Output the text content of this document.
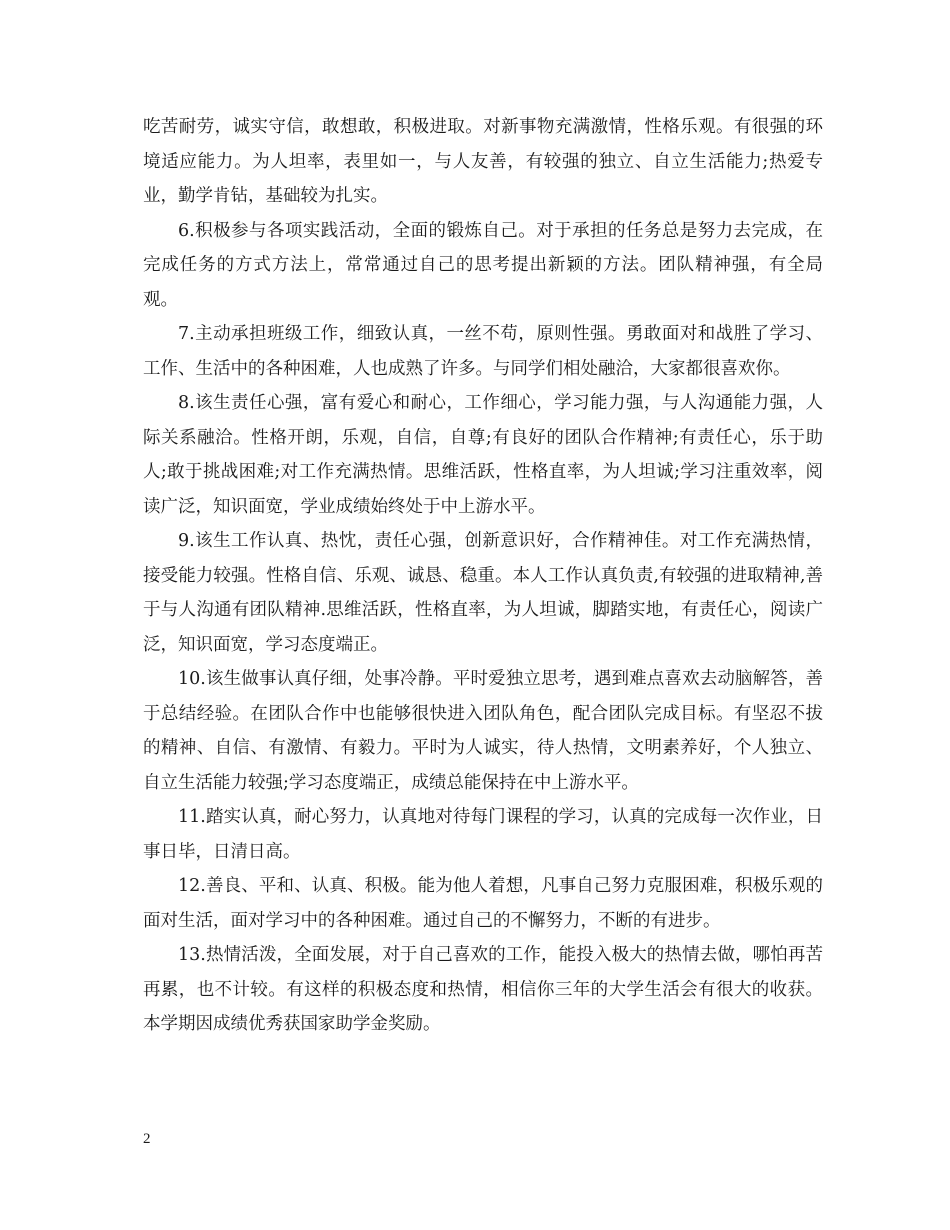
吃苦耐劳，诚实守信，敢想敢，积极进取。对新事物充满激情，性格乐观。有很强的环境适应能力。为人坦率，表里如一，与人友善，有较强的独立、自立生活能力;热爱专业，勤学肯钻，基础较为扎实。

6.积极参与各项实践活动，全面的锻炼自己。对于承担的任务总是努力去完成，在完成任务的方式方法上，常常通过自己的思考提出新颖的方法。团队精神强，有全局观。

7.主动承担班级工作，细致认真，一丝不苟，原则性强。勇敢面对和战胜了学习、工作、生活中的各种困难，人也成熟了许多。与同学们相处融洽，大家都很喜欢你。

8.该生责任心强，富有爱心和耐心，工作细心，学习能力强，与人沟通能力强，人际关系融洽。性格开朗，乐观，自信，自尊;有良好的团队合作精神;有责任心，乐于助人;敢于挑战困难;对工作充满热情。思维活跃，性格直率，为人坦诚;学习注重效率，阅读广泛，知识面宽，学业成绩始终处于中上游水平。

9.该生工作认真、热忱，责任心强，创新意识好，合作精神佳。对工作充满热情，接受能力较强。性格自信、乐观、诚恳、稳重。本人工作认真负责,有较强的进取精神,善于与人沟通有团队精神.思维活跃，性格直率，为人坦诚，脚踏实地，有责任心，阅读广泛，知识面宽，学习态度端正。

10.该生做事认真仔细，处事冷静。平时爱独立思考，遇到难点喜欢去动脑解答，善于总结经验。在团队合作中也能够很快进入团队角色，配合团队完成目标。有坚忍不拔的精神、自信、有激情、有毅力。平时为人诚实，待人热情，文明素养好，个人独立、自立生活能力较强;学习态度端正，成绩总能保持在中上游水平。

11.踏实认真，耐心努力，认真地对待每门课程的学习，认真的完成每一次作业，日事日毕，日清日高。

12.善良、平和、认真、积极。能为他人着想，凡事自己努力克服困难，积极乐观的面对生活，面对学习中的各种困难。通过自己的不懈努力，不断的有进步。

13.热情活泼，全面发展，对于自己喜欢的工作，能投入极大的热情去做，哪怕再苦再累，也不计较。有这样的积极态度和热情，相信你三年的大学生活会有很大的收获。本学期因成绩优秀获国家助学金奖励。

2
